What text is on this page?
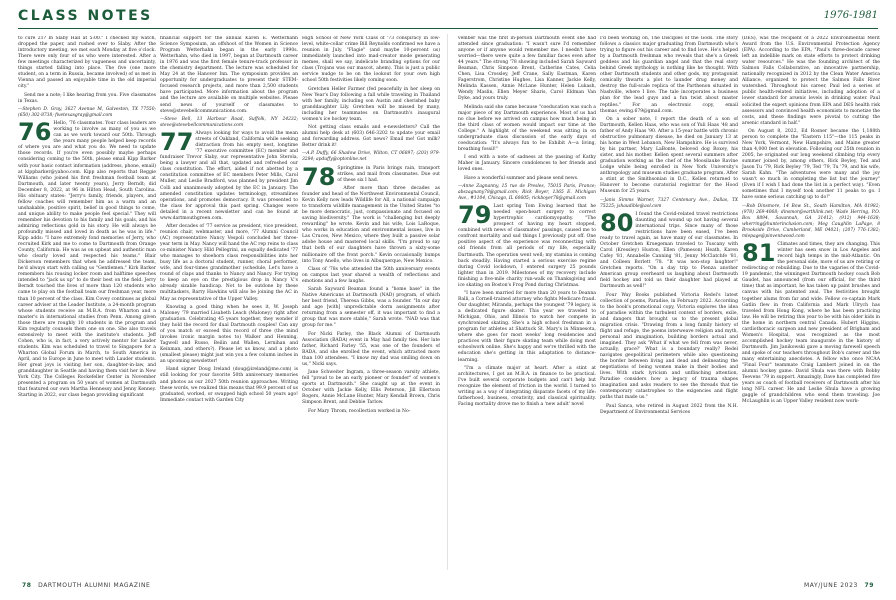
CLASS NOTES	1976-1981

to cure 21? In Slaby Hall at 5:00." I checked my watch, dropped the paper, and rushed over to Slaby. After the introductory meeting, we met each Monday at five o'clock. There were only four of us who were interested. After a few meetings characterized by vagueness and uncertainty, things started falling into place. The five (one more student, on a term in Russia, became involved) of us met in Vienna and passed an enjoyable time in the old imperial city."

Send me a note; I like hearing from you. Five classmates in Texas.

—Stephen D. Gray, 3627 Avenue M, Galveston, TX 77550; (650) 302-8738; fivetexasgray@gmail.com

76 Hello, '76 classmates. Your class leaders are working to involve as many of you as we can as we work toward our 50th. Through the years many people helped keep records of where you are and what you do. We need to update those records. If you're even possibly maybe perhaps considering coming to the 50th, please email Kipp Barker with your basic contact information (address, phone, email) at kippbarker@yahoo.com. Kipp also reports that Reggie Williams (who joined his first freshman football team at Dartmouth, and later twenty years), Jerry Berndt; did December 8, 2022, at 96 in Hilton Head, South Carolina. His obituary states: "Jerry's family, friends, players, and fellow coaches will remember him as a warm and an unshakable, positive spirit, belief in good things to come, and unique ability to make people feel special." They will remember his devotion to his family and his goals, and his admiring reflections gold in his story. He will always be profoundly missed and loved in death as he was in life." Kipp adds: "I have extremely fond memories of Jerry, who recruited Kirk and me to come to Dartmouth from Orange County, California. He was as on upbeat and authentic man who clearly loved and respected his teams." Blair Dickerson remembers that when he addressed the team, he'd always start with calling us "Gentlemen." Kirk Barker remembers his rousing locker room and halftime speeches intended to "jack us up" to do their best on the field. Jerry Berndt touched the lives of more than 120 students who came to play on the football team our freshman year, more than 10 percent of the class. Kim Covey continues as global career adviser at the Leader Institute, a 24-month program whose students receive an M.B.A. from Wharton and a master's in international studies from Penn. Among given those there are roughly 10 students in the program and Kim regularly counsels them one on one. She also travels extensively to meet with the institute's students. Jeff Cohen, who is, in fact, a very actively mentor for Lauder students. Kim was scheduled to travel to Singapore for a Wharton Global Forum in March, to South America in April, and to Europe in June to meet with Lauder students. Her great joys is visiting her son, daughter-in-law, and granddaughter in Seattle and having them visit her in New York City. The Colleges Rockefeller Center in November presented a program on 50 years of women at Dartmouth that featured our own Martha Hennessy and Jenny Kenney. Starting in 2022, our class began providing significant

financial support for the annual Karen E. Wetterhahn Science Symposium, an offshoot of the Women in Science Program Wetterhahn began in the early 1990s. Wetterhahn, who died in 1997, began at Dartmouth career in 1976 and was the first female tenure-track professor in the chemistry department. The lecture was scheduled for May 24 at the Hanover Inn. The symposium provides an opportunity for undergraduates to present their STEM-focused research projects, and more than 2,500 students have participated. More information about the program and the lecture are available on multiple websites. Please send news of yourself or classmates to steve@stevebellcommunications.com.

—Steve Bell, 13 Harbour Road, Suffolk, NY 24232; steve@stevebellcommunications.com

77 Always looking for ways to avoid the mean streets of Oakland, California while seeking distraction from his empty nest, longtime '77 executive committee (EC) member and fundraiser Trevor Slaby, our representative John Sterola, being a lawyer and all that, updated and refreshed our class constitution. The effort, aided if not abetted by a constitution committee of EC members Peter Mills, Carol Muller, and Leslie Bradford, was planned by president Jim Colli and unanimously adopted by the EC in January. The amended constitution updates terminology, streamlines operations, and promotes democracy. It was presented to the class for approval this past spring. Changes were detailed in a recent newsletter and can be found at www.dartmouthgreen.com.

After decades of '77 service as president, vice president, reunion chair, webmaster, and more, '77 Alumni Council (AC) representative Nancy Vespoli concluded her three-year term in May. Nancy will hand the AC rep reins to class co-minister Nancy Hild Pellegrini, an equally dedicated '77 who manages to shoehorn class responsibilities into her busy life as a doctoral student, runner, choral performer, wife, and four-times grandmother (schedule, Let's have a round of claps and thanks to Nancy and Nancy. For trying to keep an eye on the prestigious drop in Nancy V.'s already sizable handicap. Not to be outdone by these multitaskers, Barry Hawkins will also be joining the AC in May as representative of the Upper Valley.

Knowing a good thing when he sees it, W. Joseph Maloney '79 married Lisabeth Leach (Maloney) right after graduation. Celebrating 45 years together, they wonder if they hold the record for dual Dartmouth couples! Can any of you match or exceed this record of three (the mind invokes ironic margin notes to) Walker and Henning, Tagwell and Russo, Beilin and Wallen, Lernihan and Keinman, and others?). Please let us know, and a photo (smallest please) might just win you a few column inches in an upcoming newsletter!

Hand signer Doug Ireland (doug@ireland@me.com) is still looking for your favorite 50th anniversary memories and photos as our 2027 50th reunion approaches. Writing these words, we realized this means that 99.9 percent of us graduated, worked, or swapped high school 50 years ago! Immediate contact with Garden City

High School of New York Class of '73 conspiracy in low-level, white-collar crime Bill Reynolds confirmed we have a reunion in July. "Flagie" (and maybe 10-percent us) immediately launched into mad-creator mode generating memes, shall we say, indelicate branding options for our class (Trojans was our mascot, ahem). This is just a public service nudge to be on the lookout for your own high school 50th festivities likely coming soon.

Gretchen Heller Farmer (fed peacefully in her sleep on New Year's Day following a fall while traveling in Thailand with her family, including son Austin and cherished baby granddaughter Lily. Gretchen will be missed by many, including her teammates on Dartmouth's inaugural women's ice hockey team.

Not getting class emails and e-newsletters? Call the alumni help desk at (603) 646-3202 to update your email and forwarding address. Got news? Email me! Got milk? Better drink it!

—A.P. Duffy, 66 Shadow Drive, Wilton, CT 06897; (203) 979-3284; apduffy@optonline.net

78 Springtime in Paris brings rain, transport strikes, and mail from classmates. Due out of these six I had.

After more than three decades as founder and head of the Northwest Environmental Council, Kevin Kelly now leads Wildlife for All, a national campaign to transform wildlife management in the United States "to be more democratic, just, compassionate and focused on saving biodiversity." The work is "challenging but deeply rewarding" he wrote. Kevin and his wife, Lois LaRoque, who works in education and environmental issues, live in Las Cruces, New Mexico, where they built a passive solar adobe house and mastered local skills. "I'm proud to say that both of our daughters have thrown a sixty-some millionaire off the front porch." Kevin occasionally bumps into Tony Anello, who lives in Albuquerque, New Mexico.

Class of '78s who attended the 50th anniversary events on campus last year shared a wealth of reflections and emotions and a few laughs.

Sarah Sayward Beaman found a "home base" in the Native Americans at Dartmouth (NAD) program, of which her best friend, Theresa Gibbs, was a founder. "In our day and age [with] unpredictable dorm assignments after returning from a semester off, it was important to find a group that was more stable," Sarah wrote. "NAD was that group for me."

For Nicki Farley, the Black Alumni of Dartmouth Association (BADA) event in May had family ties. Her late father, Richard Farley '55, was one of the founders of BADA, and she enrolled the event, which attracted more than 100 attendees. "I know my dad was smiling down on us," Nicki says.

Jane Schweiter Ingram, a three-season varsity athlete, fell "proud to be an early pioneer or founder" of women's sports at Dartmouth." She caught up at the event in October with Jackie Kelly, Ellis Peterson, Jill Ellertson Rogers, Annie McLane Hunter, Mary Kendall Brown, Chris Simpson Brent, and Debbie Tarlow.

For Mary Throm, recollection worked in No-

vember was the first in-person Dartmouth event she had attended since graduation: "I wasn't sure I'd remember anyone or if anyone would remember me. I needn't have worried—there were quite a few familiar faces even after 44 years." The strong '78 showing included Sarah Sayward Beaman, Chris Simpson Brent, Catherine Cates, Celia Chen, Lisa Crossley, Jeff Crane, Sally Eastman, Karen Fagerstrom, Christine Hughes, Lisa Kanner, Jackie Kelly, Melinda Kassen, Annie McLane Hunter, Helen Lukash, Wendy Maslin, Ellen Meyer Sharis, Carol Eldman Van Dyke, and yours truly.

Melinda said she came because "coeducation was such a major piece of my Dartmouth experience. Most of us had no clue before we arrived on campus how much being in the third class of women would impact our time at the College." A highlight of the weekend was sitting in on undergraduate class discussion of the early days of coeducation: "It's always fun to be Exhibit A—a living, breathing fossil!"

I end with a note of sadness at the passing of Kathy Maher in January. Sincere condolences to her friends and loved ones.

Have a wonderful summer and please send news.

—Anne Zagnanny, 15 rue de Presles, 75015 Paris, France; abszagnany78@gmail.com; Rick Boyer, 1365 E. Michigan Ave., #1104, Chicago, IL 60605; rickboyer78@gmail.com

79 Last spring Tom Ewing learned that he needed open-heart surgery to correct hypertrophic cardiomyopathy. "The prospect of having my heart stopped, combined with news of classmates' passings, caused me to confront mortality and sad things I previously put off. One positive aspect of the experience was reconnecting with old friends from all periods of my life, especially Dartmouth. The operation went well; my stamina is coming back steadily. Having started a serious exercise regime during Covid lockdown, I entered surgery 25 pounds lighter than in 2019. Milestones of my recovery include finishing a five-mile charity run-walk on Thanksgiving and ice skating on Boston's Frog Pond during Christmas.

"I have been married for more than 20 years to Deanna Balli, a Cornell-trained attorney who fights Medicare fraud. Our daughter, Miranda, perhaps the youngest '79 legacy, is a dedicated figure skater. This year we traveled to Michigan, Ohio, and Illinois to watch her compete in synchronized skating. She's a high school freshman in a program for athletes at Shattuck St. Mary's in Minnesota, where she goes for most weeks' long residencies and practices with their figure skating team while doing most schoolwork online. She's happy and we're thrilled with the education she's getting in this adaptation to distance-learning.

"I'm a climate major at heart. After a stint at architectures, I got an M.B.A. in finance to be practical. I've built several corporate budgets and can't help but recognize the element of friction in the world. I turned to writing as a way of integrating disparate facets of my life: fatherhood, business, creativity, and classical spirituality. Facing mortality drove me to finish a 'new adult' novel

I'd been working on, The Disciples of the Gods. The story follows a classics major graduating from Dartmouth who's trying to figure out his career and to find love. He's helped by a Dartmouth freshman who reveals that she's a Greek goddess and his guardian angel and that the real story behind Greek mythology is nothing like he thought. With other Dartmouth students and other gods, my protagonist comically thwarts a plot to launder drug money and destroy the full-scale replica of the Parthenon situated in Nashville, where I live. The tale incorporates a business plan for the lead guys and a fun twist about master reptiles." For an electronic copy, email thomas_ewing.679@gmail.com.

On a sober note, I report the death of a son of Dartmouth, Kellen Haas, who was son of Yuli Haas '48 and father of Andy Haas '90. After a 15-year battle with chronic obstructive pulmonary disease, he died on January 13 at his home in West Lebanon, New Hampshire. He is survived by his partner, Mary LaBonte, beloved dog Roxey, his sister, and his mother. Kellen spent several summers after graduation working as the chef of the Moosilauke Ravine Lodge while being enrolled in New York University's anthropology and museum studies graduate program. After a stint at the Smithsonian in D.C., Kellen returned to Hanover to become curatorial registrar for the Hood Museum for 25 years.

—Janis Simms Warner, 7327 Centenary Ave., Dallas, TX 75225; jshaudible@aol.com

80 I found the Covid-related travel restrictions daunting and wound up not having several international trips. Since many of those restrictions have been eased, I've been ready to travel again, as have many of our classmates. In October Gretchen Kruegeman traveled to Tuscany with Carol (Kressley) Huston, Ellen (Pameson) Heath, Karen Cafey '81, Annabelle Canning '81, Jenny McClatchfe '81, and Colleen Borlett '78. "It was non-stop laughter!" Gretchen reports. "On a day trip to Pienza another American group overheard us laughing about Dartmouth field hockey and told us their daughter had played at Dartmouth as well!"

Four Way Books published Victoria Redel's latest collection of poems, Paradise, in February 2022. According to the book's promotional copy, Victoria explores the idea of paradise within the turbulent context of borders, exile, and dangers that brought us to the present global migration crisis. "Drawing from a long family history of flight and refuge, the poems interweave religion and myth, personal and imagination, building borders actual and imagined. They ask 'What if what we fell from was never, actually, grace?' What is a boundary really? Redel navigates geopolitical perimeters while also questioning the border between living and dead and delineating the negotiations of being women make in their bodies and lives. With stark lyricism and unflinching attention, Paradise considers how a legacy of trauma shapes imagination and asks readers to see the threads that tie contemporary catastrophes to the exigencies and flight paths that made us."

Paul Sanca, who retired in August 2022 from the N.H. Department of Environmental Services

(DES), was the recipient of a 2022 Environmental Merit Award from the U.S. Environmental Protection Agency (EPA). According to the EPA, "Paul's three-decade career left an indelible mark on state efforts to protect drinking water resources." He was the founding architect of the Salmon Falls Collaborative, an innovative partnership, nationally recognized in 2012 by the Clean Water America Alliance, organized to protect the Salmon Falls River watershed. Throughout his career, Paul led a series of public health-related initiatives, including adoption of a lower standard for arsenic levels in drinking water. Paul solicited the expert opinions from EPA and DES health risk assessors and convinced health economists to monetize the costs, and these findings were pivotal to cutting the arsenic standard in half."

On August 8, 2022, Ed Rosner became the 1,188th person to complete the "Eastern 115"—the 115 peaks in New York, Vermont, New Hampshire, and Maine greater than 4,000 feet in elevation. Following our 25th reunion in 2005, he originated our long weekend climbing trip every summer joined by, among others, Rick Beyley, Ted and Jason Tu '79, Rick Beyley '79, Ted '79, Tu '79, and his wife, Sarah Kahn. "The adventures were many and the joy wasn't so much in completing the list but the journey" (Even if I wish I had done the list in a perfect way). "Even sometimes that I myself took another 11 peaks to go. I have some serious catching up to do!"

—Rob Dinsmore, 14 Bow St., South Hamilton, MA 01982; (978) 269-4068; dinsmor@earthlink.net; Wade Herring, P.O. Box 8894, Savannah, GA 31412; (912) 944-1638; wherring@hunterinclusion.com; Meg Caughlin LaPage, 8 Brookside Drive, Cumberland, ME 04021; (207) 776-1382; mlepage@pinventwood.com

81 Climates and times, they are changing. This winter has seen snow in Los Angeles and record high temps in the mid-Atlantic. On the personal side, more of us are retiring or redirecting or rebuilding. Due to the vagaries of the Covid-19 pandemic, the winningest Dartmouth hockey coach Bob Gaudet, has announced (from our official, for the third time) that as important, he has taken up paint brushes and canvas with his patented zeal. The festivities brought together alums from far and wide. Fellow co-captain Mark Gatlin flew in from California and Mark Ulrych has traveled from Hong Kong, where he has been practicing law. He will be retiring this year to be with his older kids in the home in northern central Canada. Hubert Higgins, cardiothoracic surgeon and new president of Brigham and Women's Hospital, was recognized as the most accomplished hockey team inaugurate in the history of Dartmouth. Jim Janikowski gave a moving farewell speech and spoke of our teachers throughout Bob's career and the many entertaining anecdotes. A fellow who once NCAA "Final Four" teammate Craig Lambert joined in on the alumni hockey game. David Shula was there with Bobby Teevens '79 in support. Amazingly, Dave has completed five years as coach of football receivers of Dartmouth after his long NFL career. He and Leslie Shula have a growing gaggle of grandchildren who send them traveling. Joe McLaughlin is an Upper Valley resident now work-

78 DARTMOUTH ALUMNI MAGAZINE	MAY/JUNE 2023 79
